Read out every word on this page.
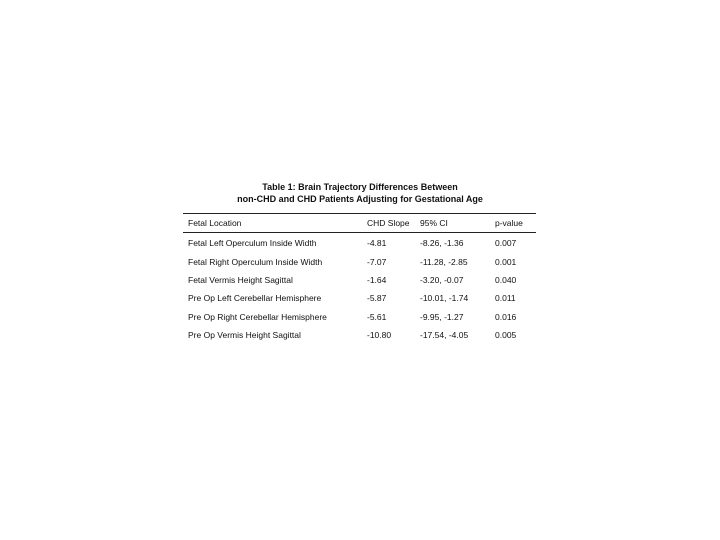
Table 1: Brain Trajectory Differences Between
non-CHD and CHD Patients Adjusting for Gestational Age
Fetal Location	CHD Slope	95% CI	p-value
Fetal Left Operculum Inside Width	-4.81	-8.26, -1.36	0.007
Fetal Right Operculum Inside Width	-7.07	-11.28, -2.85	0.001
Fetal Vermis Height Sagittal	-1.64	-3.20, -0.07	0.040
Pre Op Left Cerebellar Hemisphere	-5.87	-10.01, -1.74	0.011
Pre Op Right Cerebellar Hemisphere	-5.61	-9.95, -1.27	0.016
Pre Op Vermis Height Sagittal	-10.80	-17.54, -4.05	0.005
